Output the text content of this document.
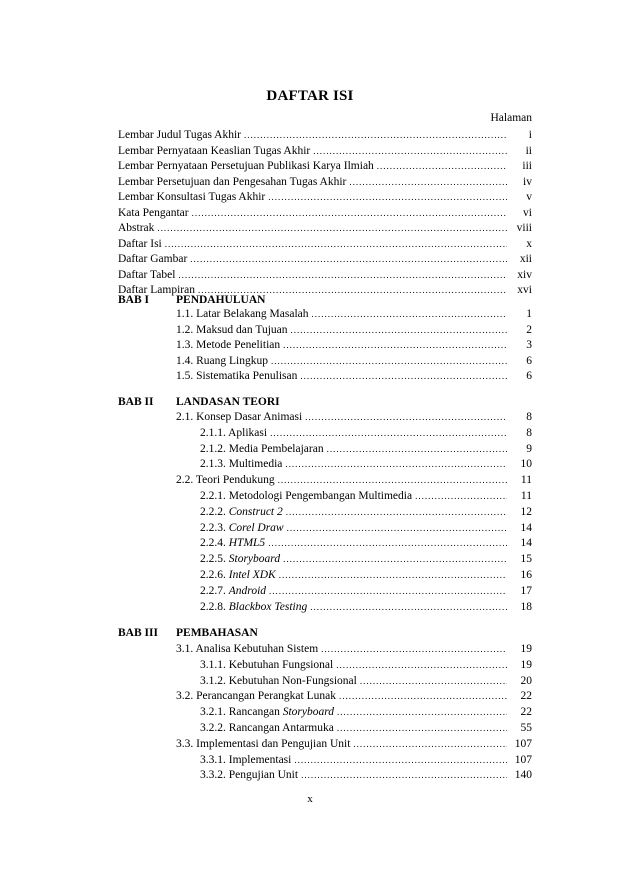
DAFTAR ISI
Halaman
Lembar Judul Tugas Akhir .....	i
Lembar Pernyataan Keaslian Tugas Akhir .....	ii
Lembar Pernyataan Persetujuan Publikasi Karya Ilmiah .....	iii
Lembar Persetujuan dan Pengesahan Tugas Akhir .....	iv
Lembar Konsultasi Tugas Akhir .....	v
Kata Pengantar .....	vi
Abstrak .....	viii
Daftar Isi .....	x
Daftar Gambar .....	xii
Daftar Tabel .....	xiv
Daftar Lampiran .....	xvi
BAB I PENDAHULUAN
1.1. Latar Belakang Masalah .....	1
1.2. Maksud dan Tujuan .....	2
1.3. Metode Penelitian .....	3
1.4. Ruang Lingkup .....	6
1.5. Sistematika Penulisan .....	6
BAB II LANDASAN TEORI
2.1. Konsep Dasar Animasi .....	8
2.1.1. Aplikasi .....	8
2.1.2. Media Pembelajaran .....	9
2.1.3. Multimedia .....	10
2.2. Teori Pendukung .....	11
2.2.1. Metodologi Pengembangan Multimedia .....	11
2.2.2. Construct 2 .....	12
2.2.3. Corel Draw .....	14
2.2.4. HTML5 .....	14
2.2.5. Storyboard .....	15
2.2.6. Intel XDK .....	16
2.2.7. Android .....	17
2.2.8. Blackbox Testing .....	18
BAB III PEMBAHASAN
3.1. Analisa Kebutuhan Sistem .....	19
3.1.1. Kebutuhan Fungsional .....	19
3.1.2. Kebutuhan Non-Fungsional .....	20
3.2. Perancangan Perangkat Lunak .....	22
3.2.1. Rancangan Storyboard .....	22
3.2.2. Rancangan Antarmuka .....	55
3.3. Implementasi dan Pengujian Unit .....	107
3.3.1. Implementasi .....	107
3.3.2. Pengujian Unit .....	140
x
